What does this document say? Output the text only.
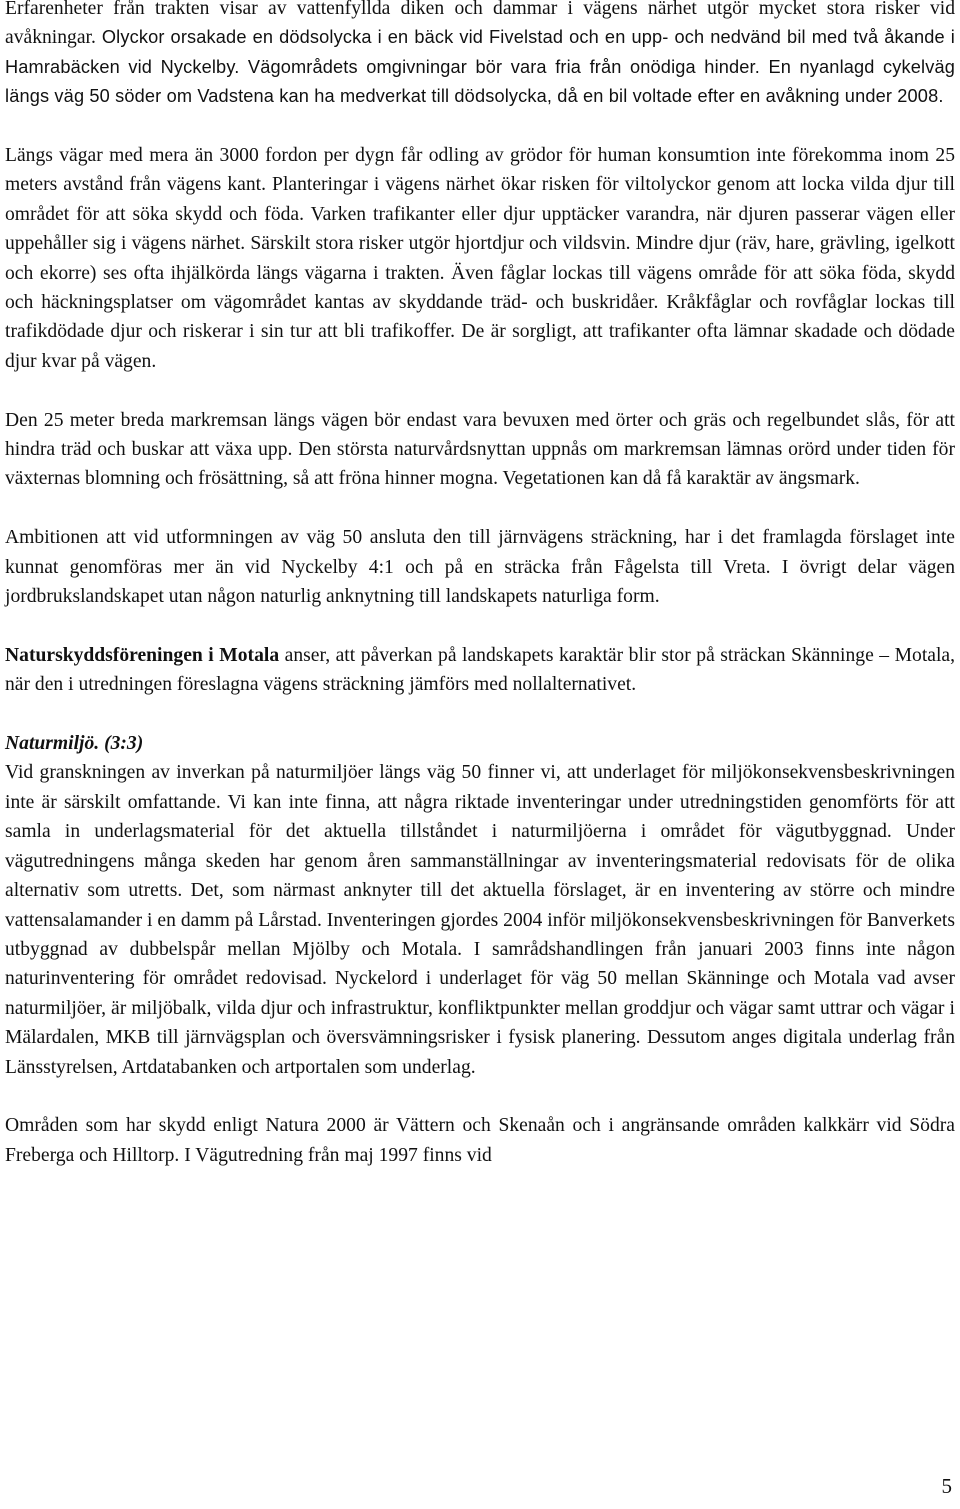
Erfarenheter från trakten visar av vattenfyllda diken och dammar i vägens närhet utgör mycket stora risker vid avåkningar. Olyckor orsakade en dödsolycka i en bäck vid Fivelstad och en upp- och nedvänd bil med två åkande i Hamrabäcken vid Nyckelby. Vägområdets omgivningar bör vara fria från onödiga hinder. En nyanlagd cykelväg längs väg 50 söder om Vadstena kan ha medverkat till dödsolycka, då en bil voltade efter en avåkning under 2008.

Längs vägar med mera än 3000 fordon per dygn får odling av grödor för human konsumtion inte förekomma inom 25 meters avstånd från vägens kant. Planteringar i vägens närhet ökar risken för viltolyckor genom att locka vilda djur till området för att söka skydd och föda. Varken trafikanter eller djur upptäcker varandra, när djuren passerar vägen eller uppehåller sig i vägens närhet. Särskilt stora risker utgör hjortdjur och vildsvin. Mindre djur (räv, hare, grävling, igelkott och ekorre) ses ofta ihjälkörda längs vägarna i trakten. Även fåglar lockas till vägens område för att söka föda, skydd och häckningsplatser om vägområdet kantas av skyddande träd- och buskridåer. Kråkfåglar och rovfåglar lockas till trafikdödade djur och riskerar i sin tur att bli trafikoffer. De är sorgligt, att trafikanter ofta lämnar skadade och dödade djur kvar på vägen.

Den 25 meter breda markremsan längs vägen bör endast vara bevuxen med örter och gräs och regelbundet slås, för att hindra träd och buskar att växa upp. Den största naturvårdsnyttan uppnås om markremsan lämnas orörd under tiden för växternas blomning och frösättning, så att fröna hinner mogna. Vegetationen kan då få karaktär av ängsmark.

Ambitionen att vid utformningen av väg 50 ansluta den till järnvägens sträckning, har i det framlagda förslaget inte kunnat genomföras mer än vid Nyckelby 4:1 och på en sträcka från Fågelsta till Vreta. I övrigt delar vägen jordbrukslandskapet utan någon naturlig anknytning till landskapets naturliga form.

Naturskyddsföreningen i Motala anser, att påverkan på landskapets karaktär blir stor på sträckan Skänninge – Motala, när den i utredningen föreslagna vägens sträckning jämförs med nollalternativet.

Naturmiljö. (3:3)

Vid granskningen av inverkan på naturmiljöer längs väg 50 finner vi, att underlaget för miljökonsekvensbeskrivningen inte är särskilt omfattande. Vi kan inte finna, att några riktade inventeringar under utredningstiden genomförts för att samla in underlagsmaterial för det aktuella tillståndet i naturmiljöerna i området för vägutbyggnad. Under vägutredningens många skeden har genom åren sammanställningar av inventeringsmaterial redovisats för de olika alternativ som utretts. Det, som närmast anknyter till det aktuella förslaget, är en inventering av större och mindre vattensalamander i en damm på Lårstad. Inventeringen gjordes 2004 inför miljökonsekvensbeskrivningen för Banverkets utbyggnad av dubbelspår mellan Mjölby och Motala. I samrådshandlingen från januari 2003 finns inte någon naturinventering för området redovisad. Nyckelord i underlaget för väg 50 mellan Skänninge och Motala vad avser naturmiljöer, är miljöbalk, vilda djur och infrastruktur, konfliktpunkter mellan groddjur och vägar samt uttrar och vägar i Mälardalen, MKB till järnvägsplan och översvämningsrisker i fysisk planering. Dessutom anges digitala underlag från Länsstyrelsen, Artdatabanken och artportalen som underlag.

Områden som har skydd enligt Natura 2000 är Vättern och Skenaån och i angränsande områden kalkkärr vid Södra Freberga och Hilltorp. I Vägutredning från maj 1997 finns vid

5
